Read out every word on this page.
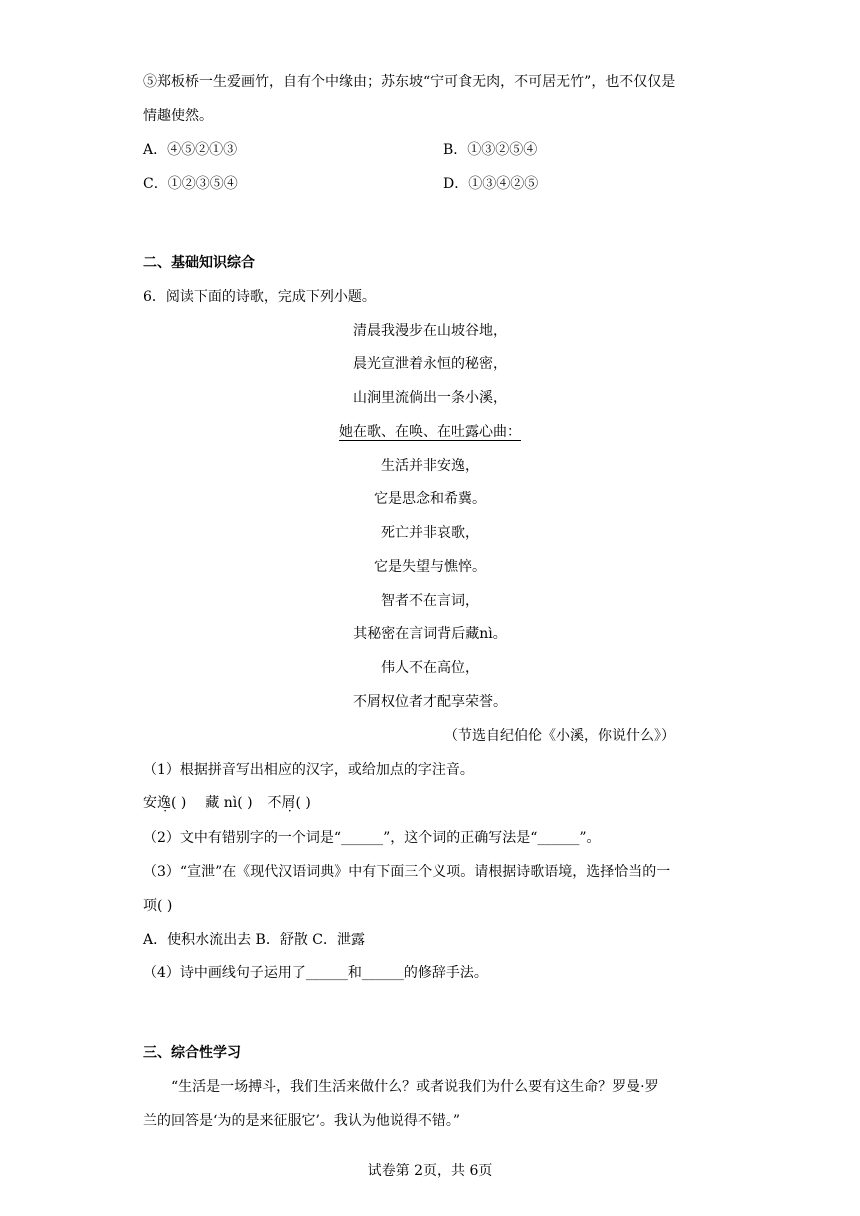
⑤郑板桥一生爱画竹，自有个中缘由；苏东坡“宁可食无肉，不可居无竹”，也不仅仅是
情趣使然。
A．④⑤②①③	B．①③②⑤④
C．①②③⑤④	D．①③④②⑤
二、基础知识综合
6．阅读下面的诗歌，完成下列小题。
清晨我漫步在山坡谷地，
晨光宣泄着永恒的秘密，
山涧里流倘出一条小溪，
她在歌、在唤、在吐露心曲：
生活并非安逸，
它是思念和希冀。
死亡并非哀歌，
它是失望与憔悴。
智者不在言词，
其秘密在言词背后藏nì。
伟人不在高位，
不屑权位者才配享荣誉。
（节选自纪伯伦《小溪，你说什么》）
（1）根据拼音写出相应的汉字，或给加点的字注音。
安逸( ) 藏 nì( ) 不屑( )
（2）文中有错别字的一个词是“______”，这个词的正确写法是“______”。
（3）“宣泄”在《现代汉语词典》中有下面三个义项。请根据诗歌语境，选择恰当的一
项( )
A．使积水流出去 B．舒散 C．泄露
（4）诗中画线句子运用了______和______的修辞手法。
三、综合性学习
“生活是一场搏斗，我们生活来做什么？或者说我们为什么要有这生命？罗曼·罗
兰的回答是‘为的是来征服它’。我认为他说得不错。”
试卷第 2页，共 6页
